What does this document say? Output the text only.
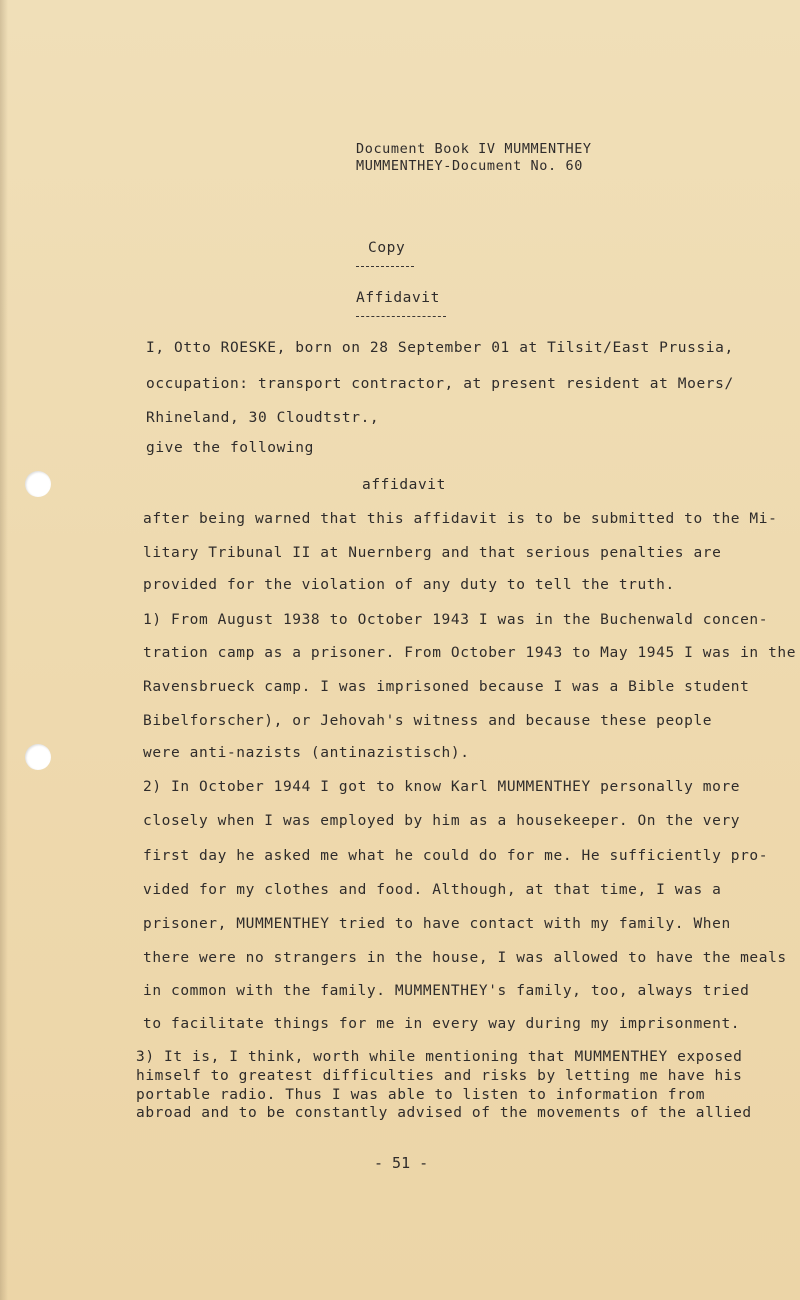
Document Book IV MUMMENTHEY
MUMMENTHEY-Document No. 60
Copy
Affidavit
I, Otto ROESKE, born on 28 September 01 at Tilsit/East Prussia,
occupation: transport contractor, at present resident at Moers/
Rhineland, 30 Cloudtstr.,
give the following
affidavit
after being warned that this affidavit is to be submitted to the Mi-
litary Tribunal II at Nuernberg and that serious penalties are
provided for the violation of any duty to tell the truth.
1) From August 1938 to October 1943 I was in the Buchenwald concen-
tration camp as a prisoner. From October 1943 to May 1945 I was in the
Ravensbrueck camp. I was imprisoned because I was a Bible student
Bibelforscher), or Jehovah's witness and because these people
were anti-nazists (antinazistisch).
2) In October 1944 I got to know Karl MUMMENTHEY personally more
closely when I was employed by him as a housekeeper. On the very
first day he asked me what he could do for me. He sufficiently pro-
vided for my clothes and food. Although, at that time, I was a
prisoner, MUMMENTHEY tried to have contact with my family. When
there were no strangers in the house, I was allowed to have the meals
in common with the family. MUMMENTHEY's family, too, always tried
to facilitate things for me in every way during my imprisonment.
3) It is, I think, worth while mentioning that MUMMENTHEY exposed
himself to greatest difficulties and risks by letting me have his
portable radio. Thus I was able to listen to information from
abroad and to be constantly advised of the movements of the allied
- 51 -
